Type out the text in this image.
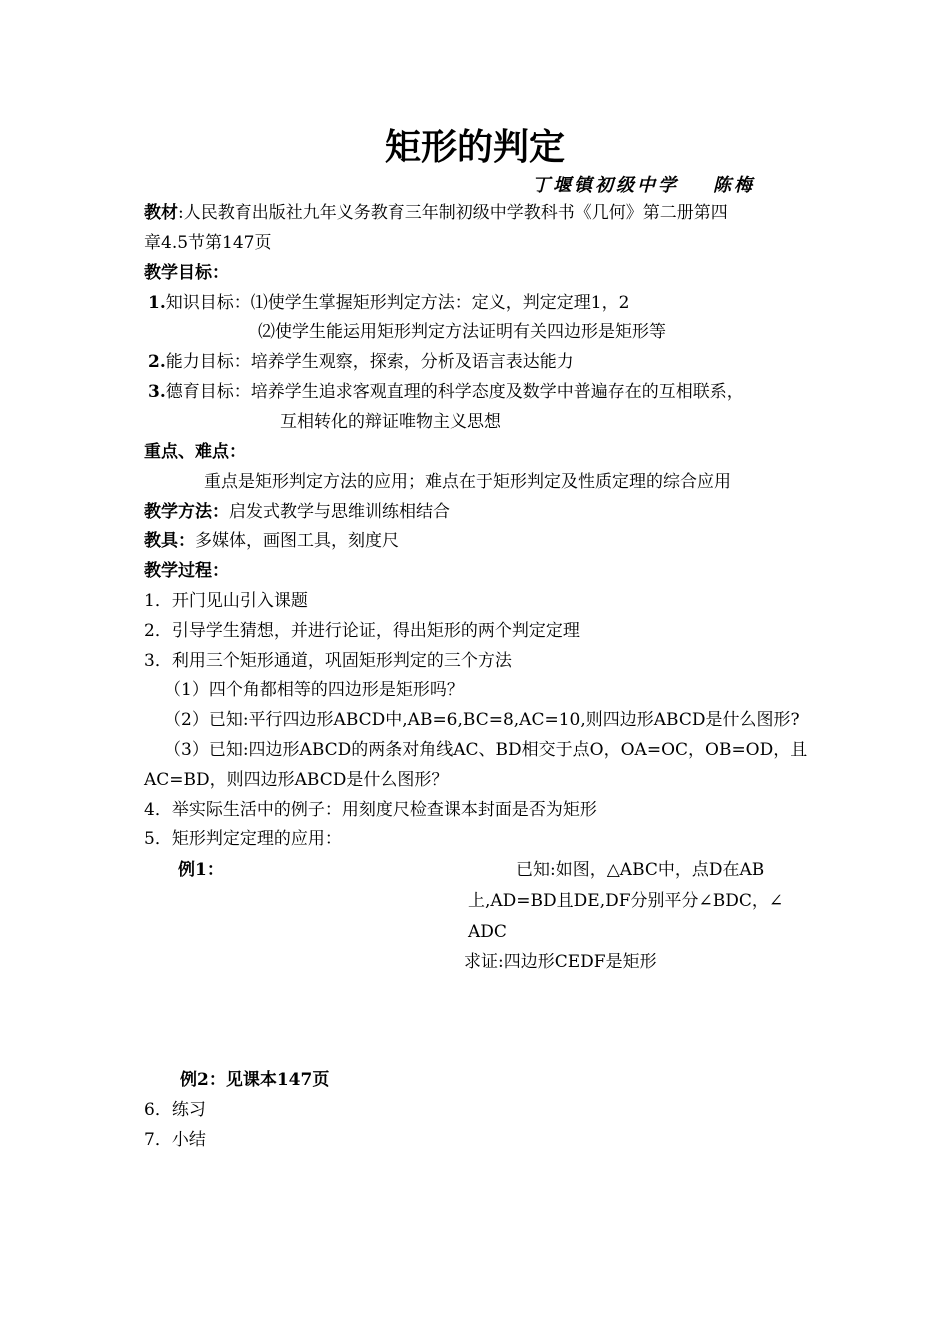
矩形的判定
丁堰镇初级中学 陈梅
教材:人民教育出版社九年义务教育三年制初级中学教科书《几何》第二册第四
章4.5节第147页
教学目标：
1.知识目标：⑴使学生掌握矩形判定方法：定义，判定定理1，2
⑵使学生能运用矩形判定方法证明有关四边形是矩形等
2.能力目标：培养学生观察，探索，分析及语言表达能力
3.德育目标：培养学生追求客观直理的科学态度及数学中普遍存在的互相联系，
互相转化的辩证唯物主义思想
重点、难点：
重点是矩形判定方法的应用；难点在于矩形判定及性质定理的综合应用
教学方法：启发式教学与思维训练相结合
教具：多媒体，画图工具，刻度尺
教学过程：
1．开门见山引入课题
2．引导学生猜想，并进行论证，得出矩形的两个判定定理
3．利用三个矩形通道，巩固矩形判定的三个方法
（1）四个角都相等的四边形是矩形吗？
（2）已知:平行四边形ABCD中,AB=6,BC=8,AC=10,则四边形ABCD是什么图形?
（3）已知:四边形ABCD的两条对角线AC、BD相交于点O，OA=OC，OB=OD，且
AC=BD，则四边形ABCD是什么图形？
4．举实际生活中的例子：用刻度尺检查课本封面是否为矩形
5．矩形判定定理的应用：
例1：	已知:如图，△ABC中，点D在AB
上,AD=BD且DE,DF分别平分∠BDC，∠
ADC
求证:四边形CEDF是矩形
例2：见课本147页
6．练习
7．小结
